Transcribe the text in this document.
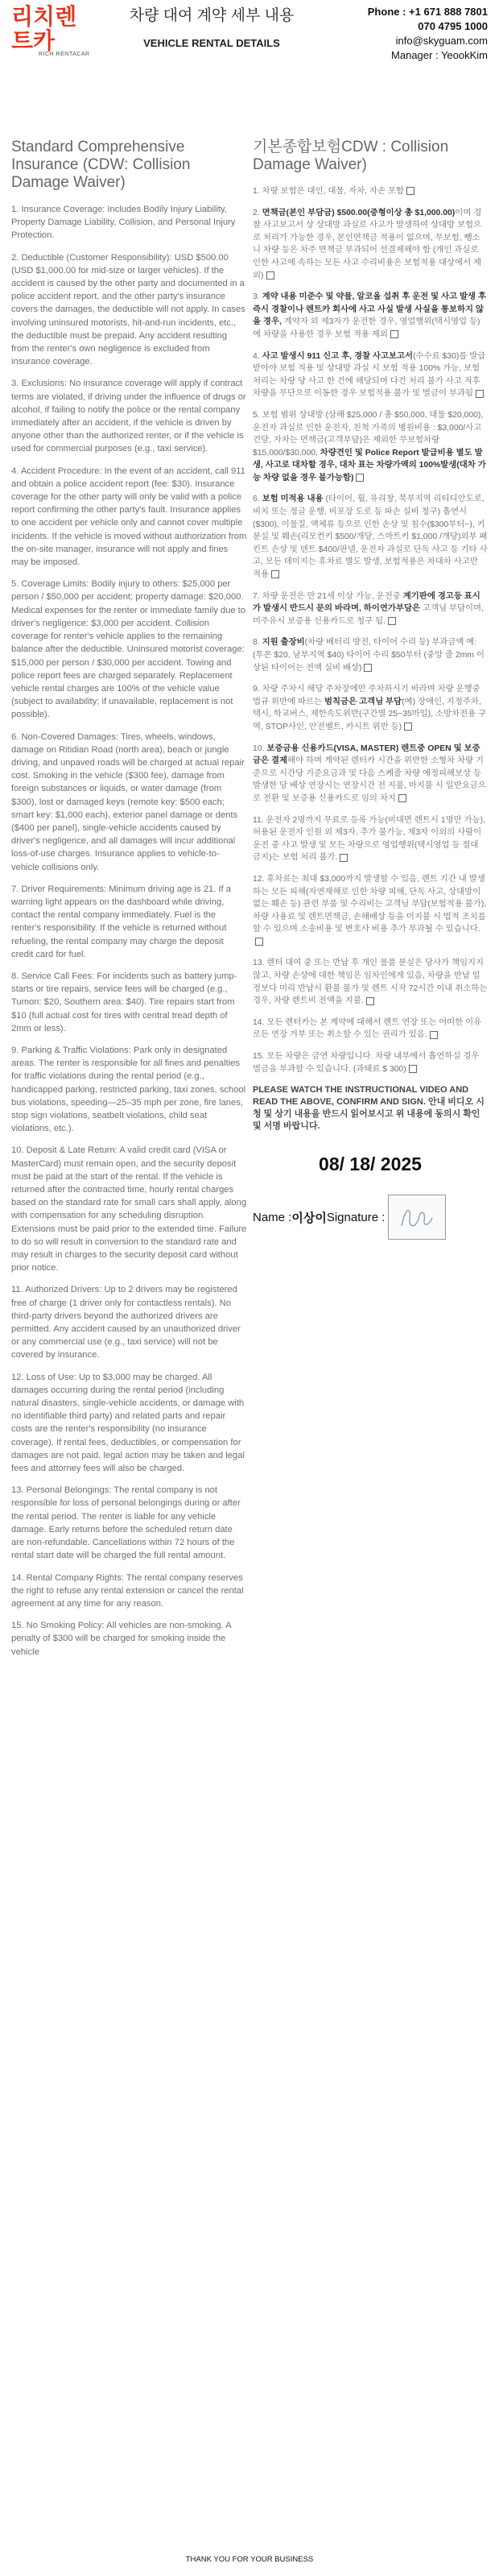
리치렌트카
RICH RENTACAR
차량 대여 계약 세부 내용
VEHICLE RENTAL DETAILS
Phone : +1 671 888 7801
070 4795 1000
info@skyguam.com
Manager : YeookKim
Standard Comprehensive Insurance (CDW: Collision Damage Waiver)

1. Insurance Coverage: Includes Bodily Injury Liability, Property Damage Liability, Collision, and Personal Injury Protection.

2. Deductible (Customer Responsibility): USD $500.00 (USD $1,000.00 for mid-size or larger vehicles). If the accident is caused by the other party and documented in a police accident report, and the other party's insurance covers the damages, the deductible will not apply. In cases involving uninsured motorists, hit-and-run incidents, etc., the deductible must be prepaid. Any accident resulting from the renter's own negligence is excluded from insurance coverage.

3. Exclusions: No insurance coverage will apply if contract terms are violated, if driving under the influence of drugs or alcohol, if failing to notify the police or the rental company immediately after an accident, if the vehicle is driven by anyone other than the authorized renter, or if the vehicle is used for commercial purposes (e.g., taxi service).

4. Accident Procedure: In the event of an accident, call 911 and obtain a police accident report (fee: $30). Insurance coverage for the other party will only be valid with a police report confirming the other party's fault. Insurance applies to one accident per vehicle only and cannot cover multiple incidents. If the vehicle is moved without authorization from the on-site manager, insurance will not apply and fines may be imposed.

5. Coverage Limits: Bodily injury to others: $25,000 per person / $50,000 per accident; property damage: $20,000. Medical expenses for the renter or immediate family due to driver's negligence: $3,000 per accident. Collision coverage for renter's vehicle applies to the remaining balance after the deductible. Uninsured motorist coverage: $15,000 per person / $30,000 per accident. Towing and police report fees are charged separately. Replacement vehicle rental charges are 100% of the vehicle value (subject to availability; if unavailable, replacement is not possible).

6. Non-Covered Damages: Tires, wheels, windows, damage on Ritidian Road (north area), beach or jungle driving, and unpaved roads will be charged at actual repair cost. Smoking in the vehicle ($300 fee), damage from foreign substances or liquids, or water damage (from $300), lost or damaged keys (remote key: $500 each; smart key: $1,000 each), exterior panel damage or dents ($400 per panel), single-vehicle accidents caused by driver's negligence, and all damages will incur additional loss-of-use charges. Insurance applies to vehicle-to-vehicle collisions only.

7. Driver Requirements: Minimum driving age is 21. If a warning light appears on the dashboard while driving, contact the rental company immediately. Fuel is the renter's responsibility. If the vehicle is returned without refueling, the rental company may charge the deposit credit card for fuel.

8. Service Call Fees: For incidents such as battery jump-starts or tire repairs, service fees will be charged (e.g., Tumon: $20, Southern area: $40). Tire repairs start from $10 (full actual cost for tires with central tread depth of 2mm or less).

9. Parking & Traffic Violations: Park only in designated areas. The renter is responsible for all fines and penalties for traffic violations during the rental period (e.g., handicapped parking, restricted parking, taxi zones, school bus violations, speeding—25–35 mph per zone, fire lanes, stop sign violations, seatbelt violations, child seat violations, etc.).

10. Deposit & Late Return: A valid credit card (VISA or MasterCard) must remain open, and the security deposit must be paid at the start of the rental. If the vehicle is returned after the contracted time, hourly rental charges based on the standard rate for small cars shall apply, along with compensation for any scheduling disruption. Extensions must be paid prior to the extended time. Failure to do so will result in conversion to the standard rate and may result in charges to the security deposit card without prior notice.

11. Authorized Drivers: Up to 2 drivers may be registered free of charge (1 driver only for contactless rentals). No third-party drivers beyond the authorized drivers are permitted. Any accident caused by an unauthorized driver or any commercial use (e.g., taxi service) will not be covered by insurance.

12. Loss of Use: Up to $3,000 may be charged. All damages occurring during the rental period (including natural disasters, single-vehicle accidents, or damage with no identifiable third party) and related parts and repair costs are the renter's responsibility (no insurance coverage). If rental fees, deductibles, or compensation for damages are not paid, legal action may be taken and legal fees and attorney fees will also be charged.

13. Personal Belongings: The rental company is not responsible for loss of personal belongings during or after the rental period. The renter is liable for any vehicle damage. Early returns before the scheduled return date are non-refundable. Cancellations within 72 hours of the rental start date will be charged the full rental amount.

14. Rental Company Rights: The rental company reserves the right to refuse any rental extension or cancel the rental agreement at any time for any reason.

15. No Smoking Policy: All vehicles are non-smoking. A penalty of $300 will be charged for smoking inside the vehicle

기본종합보험CDW : Collision Damage Waiver)

1. 차량 보험은 대인, 대물, 자차, 자손 포함

2. 면책금(본인 부담금) $500.00(중형이상 총 $1,000.00)이며 경찰 사고보고서 상 상대방 과실로 사고가 발생하여 상대방 보험으로 처리가 가능한 경우, 본인면책금 적용이 없으며, 무보험, 뺑소니 차량 등은 차주 면책금 부과되어 선결제해야 함 (개인 과실로 인한 사고에 속하는 모든 사고 수리비용은 보험적용 대상에서 제외)

3. 계약 내용 미준수 및 약물, 알코올 섭취 후 운전 및 사고 발생 후 즉시 경찰이나 렌트카 회사에 사고 사실 발생 사실을 통보하지 않을 경우, 계약자 외 제3자가 운전한 경우, 영업행위(택시영업 등)에 차량을 사용한 경우 보험 적용 제외

4. 사고 발생시 911 신고 후, 경찰 사고보고서(수수료 $30)를 발급 받아야 보험 적용 및 상대방 과실 시 보험 적용 100% 가능, 보험처리는 차량 당 사고 한 건에 해당되며 다건 처리 불가 사고 직후 차량을 무단으로 이동한 경우 보험적용 불가 및 벌금이 부과됨

5. 보험 범위 상대방 (상해 $25,000 / 총 $50,000, 대물 $20,000), 운전자 과실로 인한 운전자, 친척 가족의 병원비용 : $3,000/사고건당, 자차는 면책금(고객부담)은 제외한 무보험차량 $15,000/$30,000, 차량견인 및 Police Report 발급비용 별도 발생, 사고로 대차할 경우, 대차 표는 차량가액의 100%발생(대차 가능 차량 없을 경우 불가능함)

6. 보험 미적용 내용 (타이어, 휠, 유리창, 북부지역 리티디안도로, 비치 또는 정글 운행, 비포장 도로 등 파손 실비 청구) 흡연시($300), 이물질, 액체류 등으로 인한 손상 및 침수($300부터~), 키 분실 및 훼손(리모컨키 $500/개당, 스마트키 $1,000 /개당)외부 패킨트 손상 및 덴트 $400/판넬, 운전자 과실로 단독 사고 등 기타 사고, 모든 데미지는 휴차료 별도 발생, 보험적용은 차대차 사고만 적용

7. 차량 운전은 만 21세 이상 가능, 운전중 계기판에 경고등 표시가 발생시 반드시 문의 바라며, 하이연가부담은 고객님 부담이며, 미주유시 보증용 신용카드로 청구 됨.

8. 지원 출장비(차량 배터리 방전, 타이어 수리 등) 부과금액 예: (투몬 $20, 남부지역 $40) 타이어 수리 $50부터 (중앙 줄 2mm 이상된 타이어는 전액 실비 배상)

9. 차량 주차시 해당 주차장에만 주차하시기 바라며 차량 운행중 법규 위반에 따르는 범칙금은 고객님 부담(예) 장애인, 지정주차, 택시, 학교버스, 제한속도위반(구간별 25~35마일), 소방차전용 구역, STOP사인, 안전벨트, 카시트 위반 등)

10. 보증금용 신용카드(VISA, MASTER) 렌트중 OPEN 및 보증금은 결제해야 하며 계약된 렌터카 시간을 위반한 소형차 차량 기준으로 시간당 기준요금과 및 다음 스케줄 차량 예정피해보상 등 발생한 당 배상 연장시는 연장시간 전 지불, 마지불 시 일반요금으로 전환 및 보증용 신용카드로 임의 차지

11. 운전자 2명까지 무료로 등록 가능(비대면 렌트시 1명만 가능), 허용된 운전자 인원 외 제3자, 추가 불가능, 제3자 이외의 사람이 운전 중 사고 발생 및 모든 차량으로 영업행위(택시영업 등 절대 금지)는 보험 처리 불가.

12. 휴차료는 최대 $3,000까지 발생할 수 있음, 렌트 기간 내 발생하는 모든 피해(자연재해로 인한 차량 피해, 단독 사고, 상대방이 없는 훼손 등) 관련 부품 및 수리비는 고객님 부담(보험적용 불가), 차량 사용료 및 렌트면책금, 손해배상 등을 미지불 시 법적 조치를 할 수 있으며 소송비용 및 변호사 비용 추가 부과될 수 있습니다.

13. 렌터 대여 중 또는 반납 후 개인 물품 분실은 당사가 책임지지 않고, 차량 손상에 대한 책임은 임차인에게 있음, 차량을 반납 일정보다 미리 반납시 환불 불가 및 렌트 시작 72시간 이내 취소하는 경우, 차량 렌트비 전액을 지불.

14. 모든 렌터카는 본 계약에 대해서 렌트 연장 또는 어떠한 이유로든 연장 거부 또는 취소할 수 있는 권리가 있음.

15. 모든 차량은 금연 차량입니다. 차량 내부에서 흡연하실 경우 벌금을 부과할 수 있습니다. (과태료 $ 300)

PLEASE WATCH THE INSTRUCTIONAL VIDEO AND READ THE ABOVE, CONFIRM AND SIGN. 안내 비디오 시청 및 상기 내용을 반드시 읽어보시고 위 내용에 동의시 확인 및 서명 바랍니다.
08/ 18/ 2025
Name : 이상이 Signature :
THANK YOU FOR YOUR BUSINESS
